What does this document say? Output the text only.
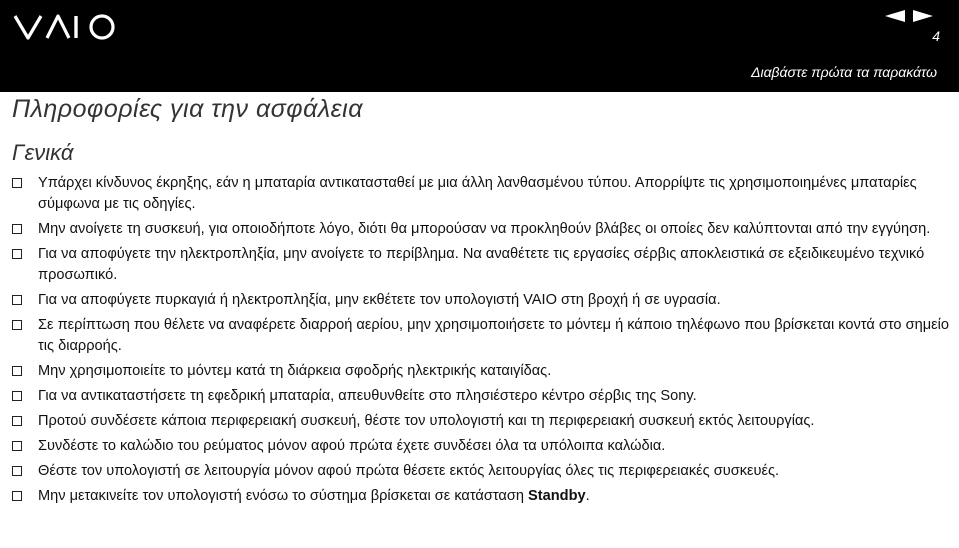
4
Διαβάστε πρώτα τα παρακάτω
Πληροφορίες για την ασφάλεια
Γενικά
Υπάρχει κίνδυνος έκρηξης, εάν η μπαταρία αντικατασταθεί με μια άλλη λανθασμένου τύπου. Απορρίψτε τις χρησιμοποιημένες μπαταρίες σύμφωνα με τις οδηγίες.
Μην ανοίγετε τη συσκευή, για οποιοδήποτε λόγο, διότι θα μπορούσαν να προκληθούν βλάβες οι οποίες δεν καλύπτονται από την εγγύηση.
Για να αποφύγετε την ηλεκτροπληξία, μην ανοίγετε το περίβλημα. Να αναθέτετε τις εργασίες σέρβις αποκλειστικά σε εξειδικευμένο τεχνικό προσωπικό.
Για να αποφύγετε πυρκαγιά ή ηλεκτροπληξία, μην εκθέτετε τον υπολογιστή VAIO στη βροχή ή σε υγρασία.
Σε περίπτωση που θέλετε να αναφέρετε διαρροή αερίου, μην χρησιμοποιήσετε το μόντεμ ή κάποιο τηλέφωνο που βρίσκεται κοντά στο σημείο τις διαρροής.
Μην χρησιμοποιείτε το μόντεμ κατά τη διάρκεια σφοδρής ηλεκτρικής καταιγίδας.
Για να αντικαταστήσετε τη εφεδρική μπαταρία, απευθυνθείτε στο πλησιέστερο κέντρο σέρβις της Sony.
Προτού συνδέσετε κάποια περιφερειακή συσκευή, θέστε τον υπολογιστή και τη περιφερειακή συσκευή εκτός λειτουργίας.
Συνδέστε το καλώδιο του ρεύματος μόνον αφού πρώτα έχετε συνδέσει όλα τα υπόλοιπα καλώδια.
Θέστε τον υπολογιστή σε λειτουργία μόνον αφού πρώτα θέσετε εκτός λειτουργίας όλες τις περιφερειακές συσκευές.
Μην μετακινείτε τον υπολογιστή ενόσω το σύστημα βρίσκεται σε κατάσταση Standby.
